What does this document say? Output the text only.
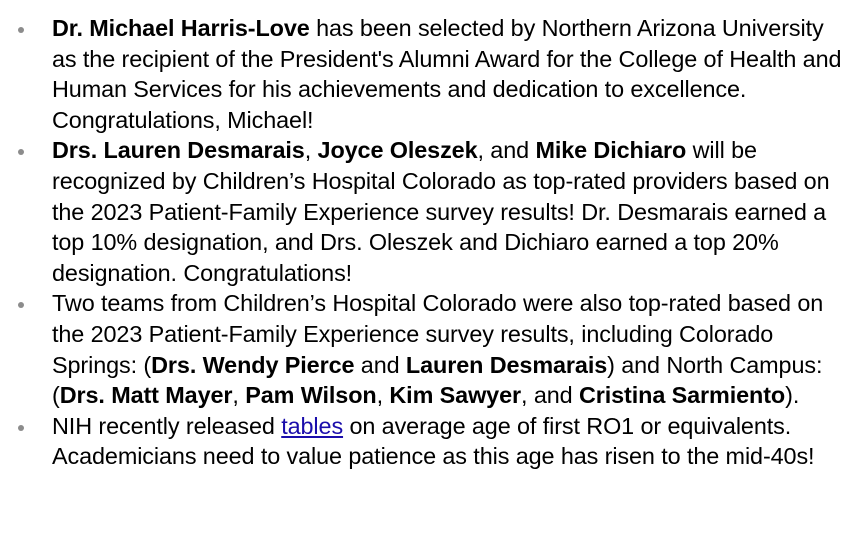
Dr. Michael Harris-Love has been selected by Northern Arizona University as the recipient of the President's Alumni Award for the College of Health and Human Services for his achievements and dedication to excellence. Congratulations, Michael!
Drs. Lauren Desmarais, Joyce Oleszek, and Mike Dichiaro will be recognized by Children’s Hospital Colorado as top-rated providers based on the 2023 Patient-Family Experience survey results! Dr. Desmarais earned a top 10% designation, and Drs. Oleszek and Dichiaro earned a top 20% designation. Congratulations!
Two teams from Children’s Hospital Colorado were also top-rated based on the 2023 Patient-Family Experience survey results, including Colorado Springs: (Drs. Wendy Pierce and Lauren Desmarais) and North Campus: (Drs. Matt Mayer, Pam Wilson, Kim Sawyer, and Cristina Sarmiento).
NIH recently released tables on average age of first RO1 or equivalents. Academicians need to value patience as this age has risen to the mid-40s!
